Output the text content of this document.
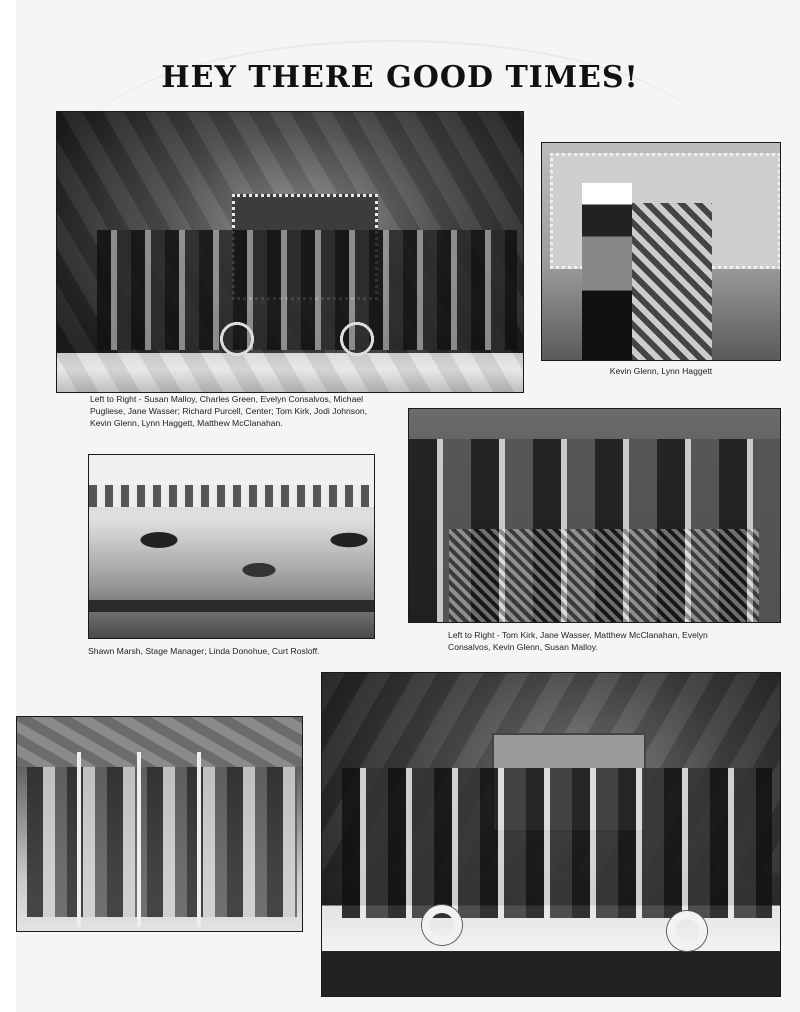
HEY THERE GOOD TIMES!

Left to Right - Susan Malloy, Charles Green, Evelyn Consalvos, Michael Pugliese, Jane Wasser; Richard Purcell, Center; Tom Kirk, Jodi Johnson, Kevin Glenn, Lynn Haggett, Matthew McClanahan.

Kevin Glenn, Lynn Haggett

Shawn Marsh, Stage Manager; Linda Donohue, Curt Rosloff.

Left to Right - Tom Kirk, Jane Wasser, Matthew McClanahan, Evelyn Consalvos, Kevin Glenn, Susan Malloy.
